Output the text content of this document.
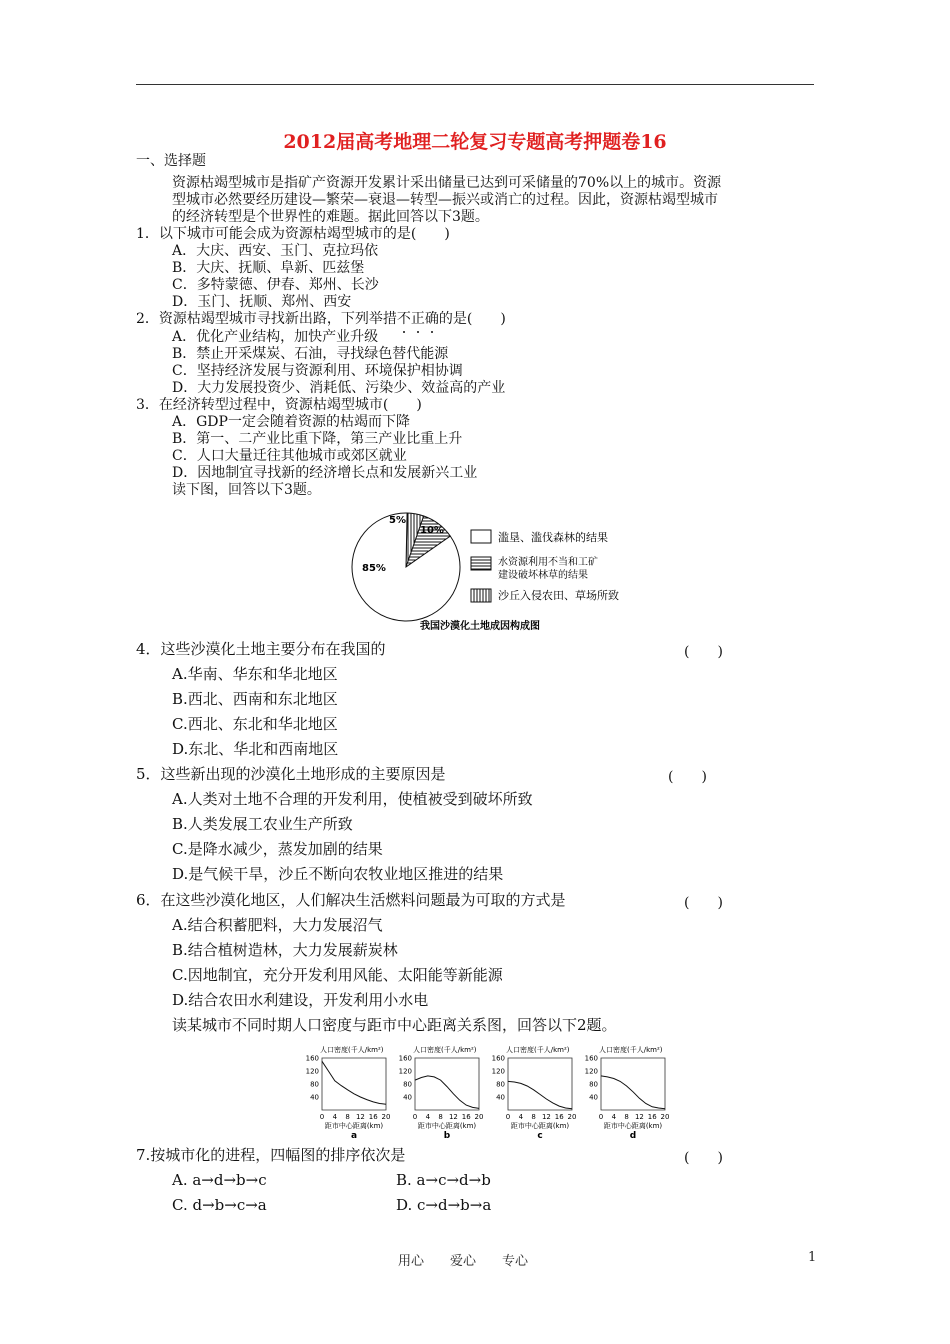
2012届高考地理二轮复习专题高考押题卷16
一、选择题
资源枯竭型城市是指矿产资源开发累计采出储量已达到可采储量的70%以上的城市。资源
型城市必然要经历建设—繁荣—衰退—转型—振兴或消亡的过程。因此，资源枯竭型城市
的经济转型是个世界性的难题。据此回答以下3题。
1．以下城市可能会成为资源枯竭型城市的是(　　)
A．大庆、西安、玉门、克拉玛依
B．大庆、抚顺、阜新、匹兹堡
C．多特蒙德、伊春、郑州、长沙
D．玉门、抚顺、郑州、西安
2．资源枯竭型城市寻找新出路，下列举措不
正
确
的是(　　)
A．优化产业结构，加快产业升级
B．禁止开采煤炭、石油，寻找绿色替代能源
C．坚持经济发展与资源利用、环境保护相协调
D．大力发展投资少、消耗低、污染少、效益高的产业
3．在经济转型过程中，资源枯竭型城市(　　)
A．GDP一定会随着资源的枯竭而下降
B．第一、二产业比重下降，第三产业比重上升
C．人口大量迁往其他城市或郊区就业
D．因地制宜寻找新的经济增长点和发展新兴工业
读下图，回答以下3题。
85%
5%
10%
滥垦、滥伐森林的结果
水资源利用不当和工矿
建设破坏林草的结果
沙丘入侵农田、草场所致
我国沙漠化土地成因构成图
4．这些沙漠化土地主要分布在我国的	(　　)
A.华南、华东和华北地区
B.西北、西南和东北地区
C.西北、东北和华北地区
D.东北、华北和西南地区
5．这些新出现的沙漠化土地形成的主要原因是	(　　)
A.人类对土地不合理的开发利用，使植被受到破坏所致
B.人类发展工农业生产所致
C.是降水减少，蒸发加剧的结果
D.是气候干旱，沙丘不断向农牧业地区推进的结果
6．在这些沙漠化地区，人们解决生活燃料问题最为可取的方式是	(　　)
A.结合积蓄肥料，大力发展沼气
B.结合植树造林，大力发展薪炭林
C.因地制宜，充分开发利用风能、太阳能等新能源
D.结合农田水利建设，开发利用小水电
读某城市不同时期人口密度与距市中心距离关系图，回答以下2题。
人口密度(千人/km²)
160
120
80
40
0 4 8 12 16 20
距市中心距离(km)
a
人口密度(千人/km²)
160
120
80
40
0 4 8 12 16 20
距市中心距离(km)
b
人口密度(千人/km²)
160
120
80
40
0 4 8 12 16 20
距市中心距离(km)
c
人口密度(千人/km²)
160
120
80
40
0 4 8 12 16 20
距市中心距离(km)
d
7.按城市化的进程，四幅图的排序依次是	(　　)
A. a→d→b→c	B. a→c→d→b
C. d→b→c→a	D. c→d→b→a
用心　　爱心　　专心	1
